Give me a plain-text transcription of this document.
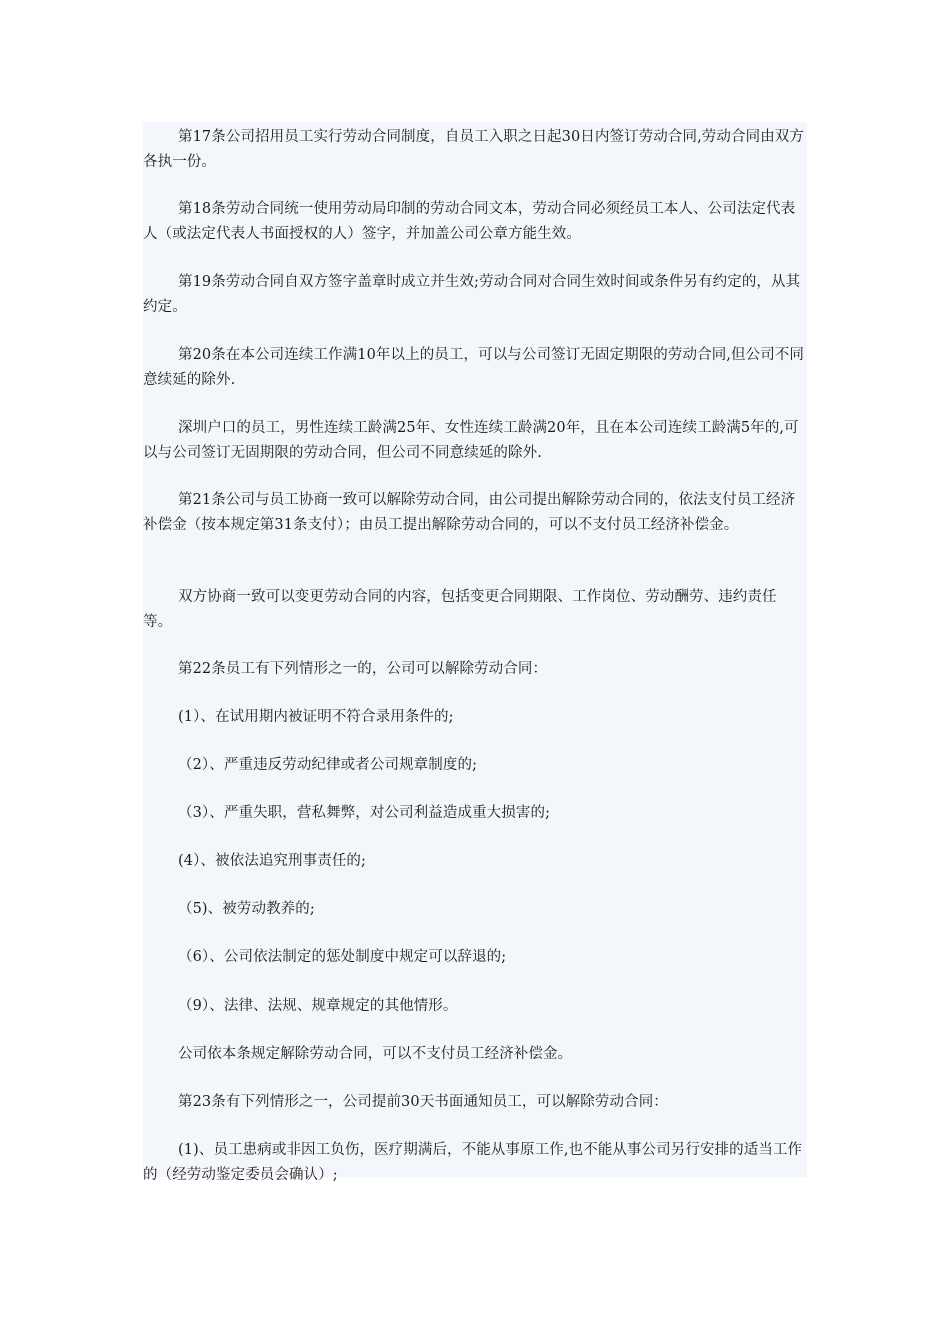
第17条公司招用员工实行劳动合同制度，自员工入职之日起30日内签订劳动合同,劳动合同由双方各执一份。

第18条劳动合同统一使用劳动局印制的劳动合同文本，劳动合同必须经员工本人、公司法定代表人（或法定代表人书面授权的人）签字，并加盖公司公章方能生效。

第19条劳动合同自双方签字盖章时成立并生效;劳动合同对合同生效时间或条件另有约定的，从其约定。

第20条在本公司连续工作满10年以上的员工，可以与公司签订无固定期限的劳动合同,但公司不同意续延的除外.

深圳户口的员工，男性连续工龄满25年、女性连续工龄满20年，且在本公司连续工龄满5年的,可以与公司签订无固期限的劳动合同，但公司不同意续延的除外.

第21条公司与员工协商一致可以解除劳动合同，由公司提出解除劳动合同的，依法支付员工经济补偿金（按本规定第31条支付）；由员工提出解除劳动合同的，可以不支付员工经济补偿金。

双方协商一致可以变更劳动合同的内容，包括变更合同期限、工作岗位、劳动酬劳、违约责任等。

第22条员工有下列情形之一的，公司可以解除劳动合同：

(1）、在试用期内被证明不符合录用条件的;

（2）、严重违反劳动纪律或者公司规章制度的;

（3）、严重失职，营私舞弊，对公司利益造成重大损害的;

(4）、被依法追究刑事责任的;

（5)、被劳动教养的;

（6）、公司依法制定的惩处制度中规定可以辞退的;

（9）、法律、法规、规章规定的其他情形。

公司依本条规定解除劳动合同，可以不支付员工经济补偿金。

第23条有下列情形之一，公司提前30天书面通知员工，可以解除劳动合同：

(1)、员工患病或非因工负伤，医疗期满后，不能从事原工作,也不能从事公司另行安排的适当工作的（经劳动鉴定委员会确认）;
